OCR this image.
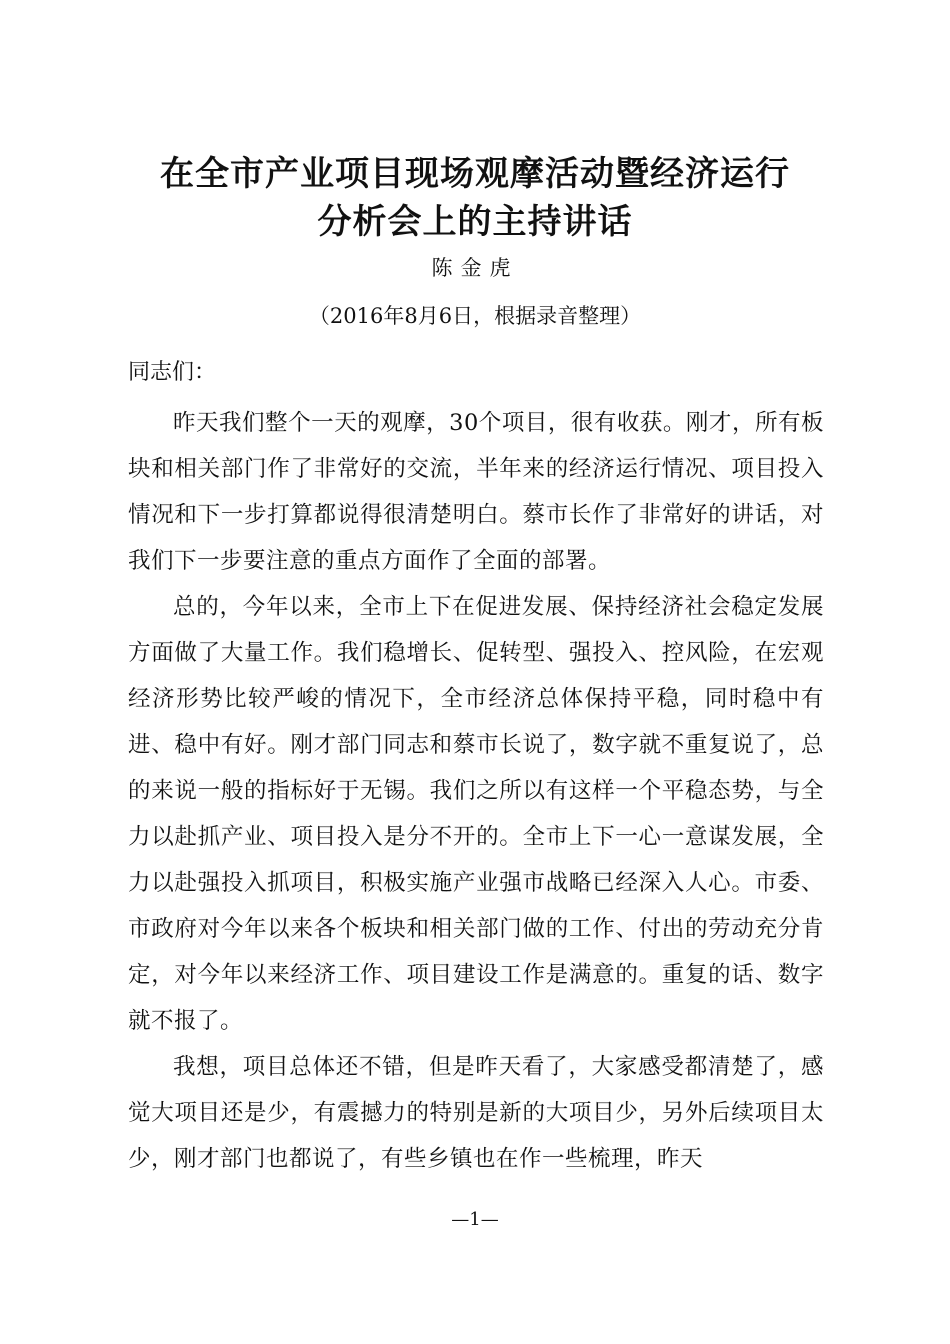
在全市产业项目现场观摩活动暨经济运行
分析会上的主持讲话
陈金虎
（2016年8月6日，根据录音整理）
同志们：

昨天我们整个一天的观摩，30个项目，很有收获。刚才，所有板块和相关部门作了非常好的交流，半年来的经济运行情况、项目投入情况和下一步打算都说得很清楚明白。蔡市长作了非常好的讲话，对我们下一步要注意的重点方面作了全面的部署。

总的，今年以来，全市上下在促进发展、保持经济社会稳定发展方面做了大量工作。我们稳增长、促转型、强投入、控风险，在宏观经济形势比较严峻的情况下，全市经济总体保持平稳，同时稳中有进、稳中有好。刚才部门同志和蔡市长说了，数字就不重复说了，总的来说一般的指标好于无锡。我们之所以有这样一个平稳态势，与全力以赴抓产业、项目投入是分不开的。全市上下一心一意谋发展，全力以赴强投入抓项目，积极实施产业强市战略已经深入人心。市委、市政府对今年以来各个板块和相关部门做的工作、付出的劳动充分肯定，对今年以来经济工作、项目建设工作是满意的。重复的话、数字就不报了。

我想，项目总体还不错，但是昨天看了，大家感受都清楚了，感觉大项目还是少，有震撼力的特别是新的大项目少，另外后续项目太少，刚才部门也都说了，有些乡镇也在作一些梳理，昨天

—1—
